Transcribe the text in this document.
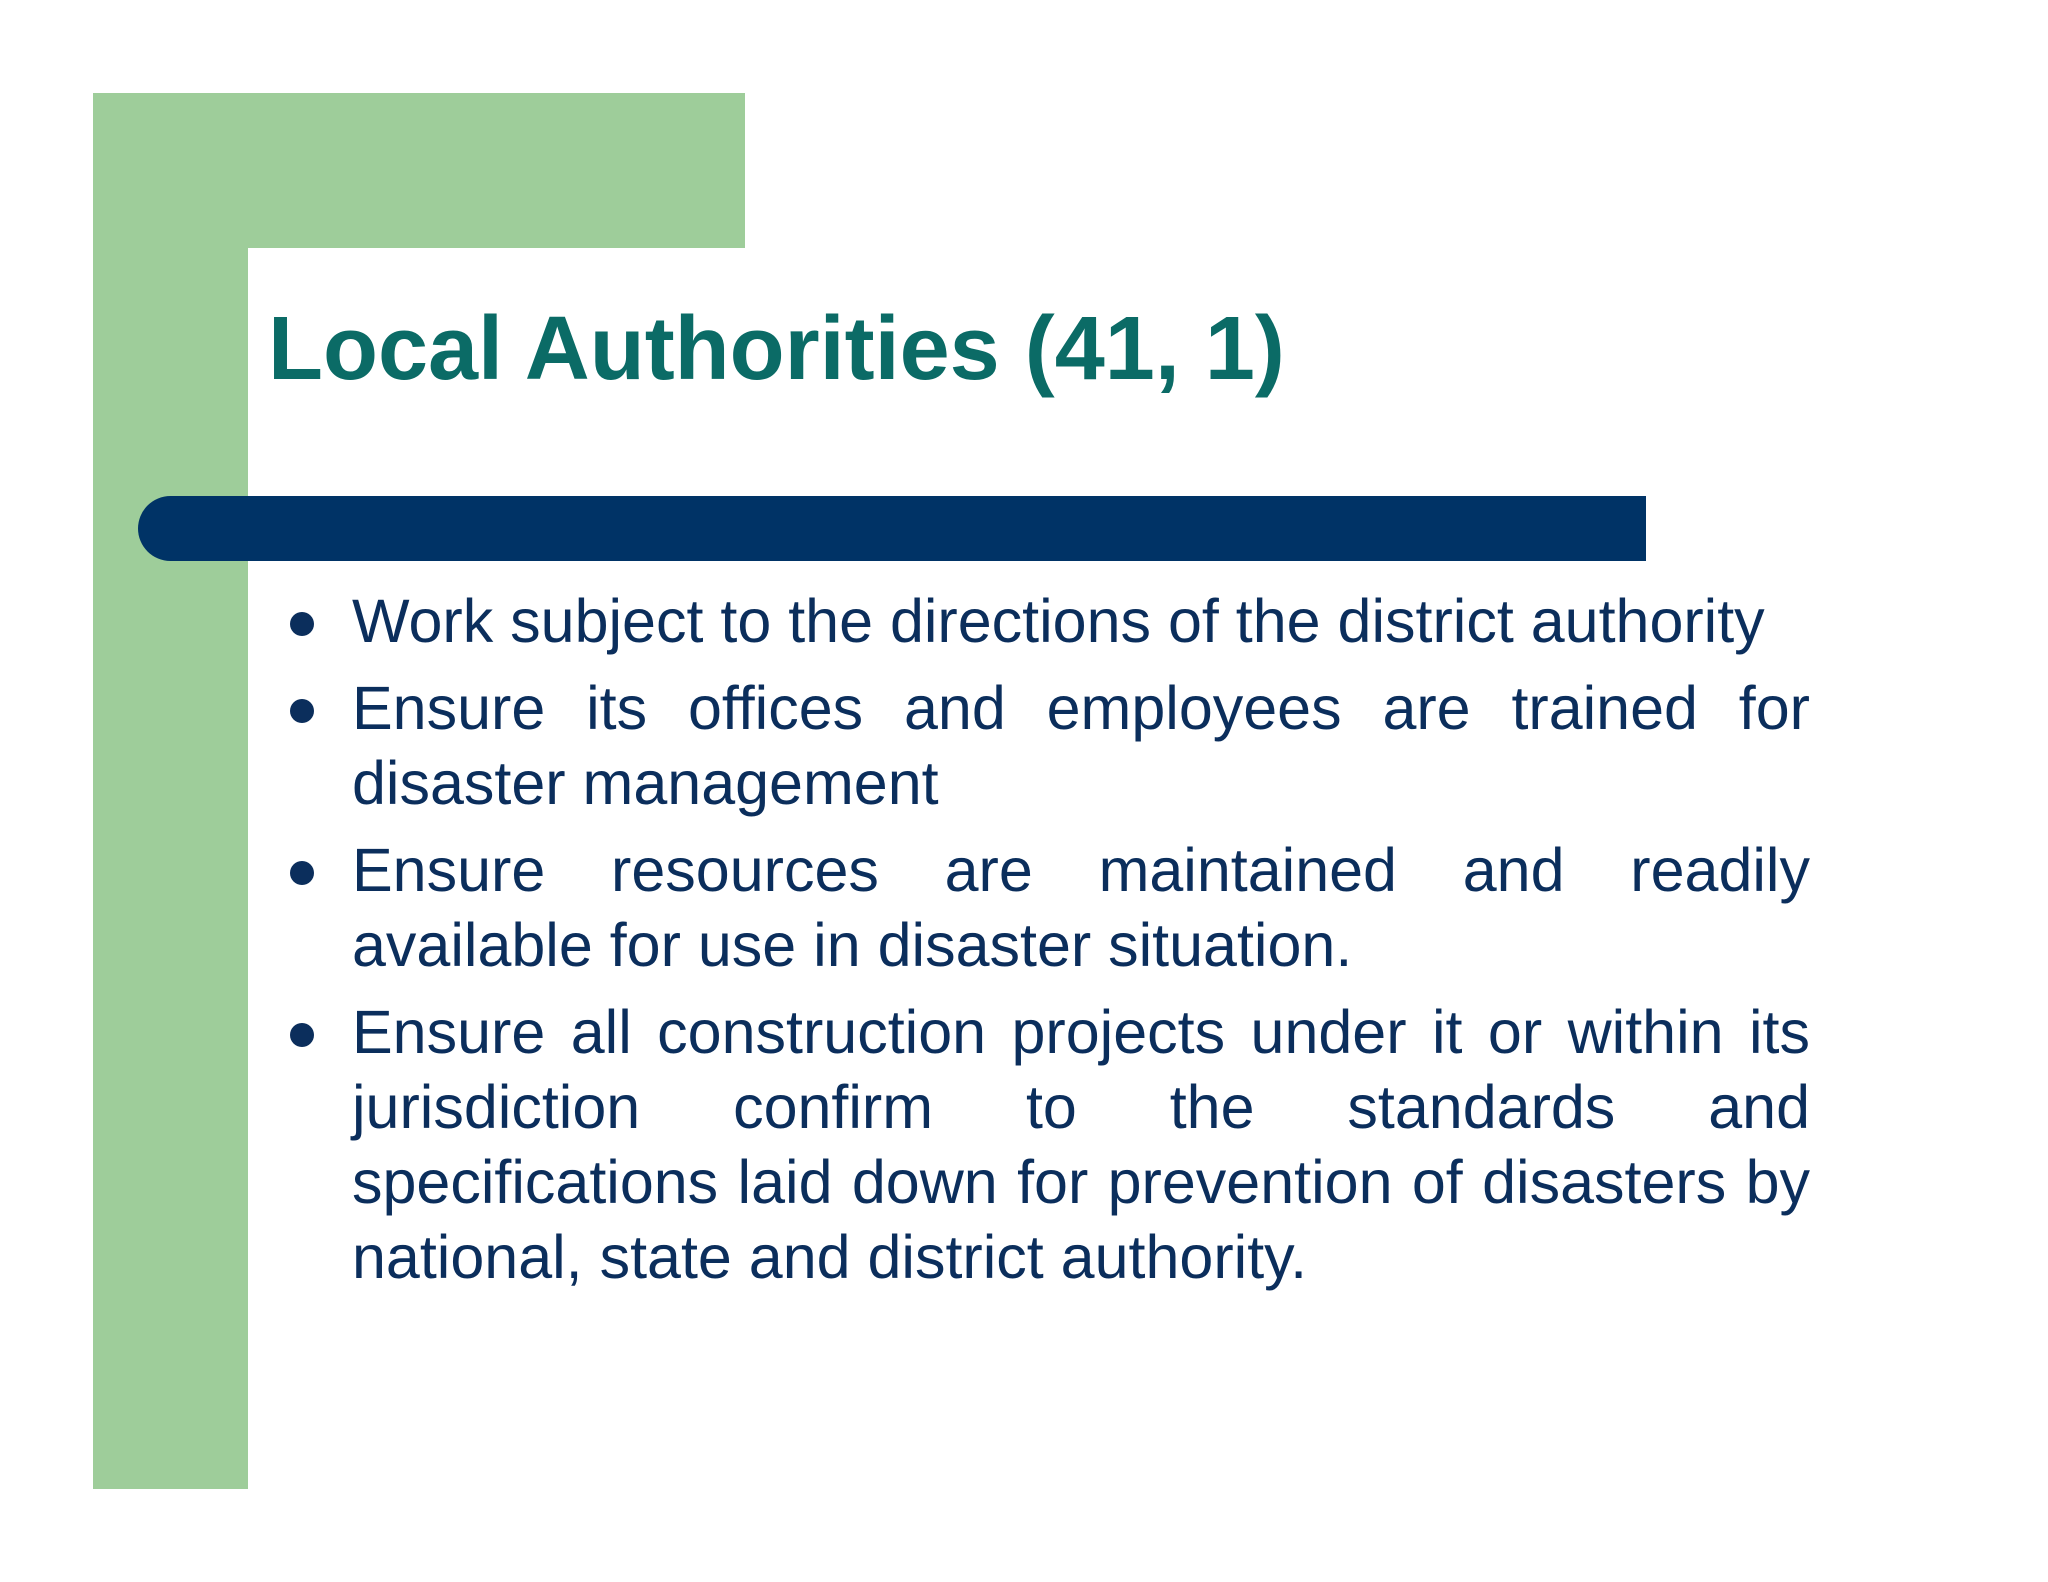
Local Authorities (41, 1)
Work subject to the directions of the district authority
Ensure its offices and employees are trained for disaster management
Ensure resources are maintained and readily available for use in disaster situation.
Ensure all construction projects under it or within its jurisdiction confirm to the standards and specifications laid down for prevention of disasters by national, state and district authority.
